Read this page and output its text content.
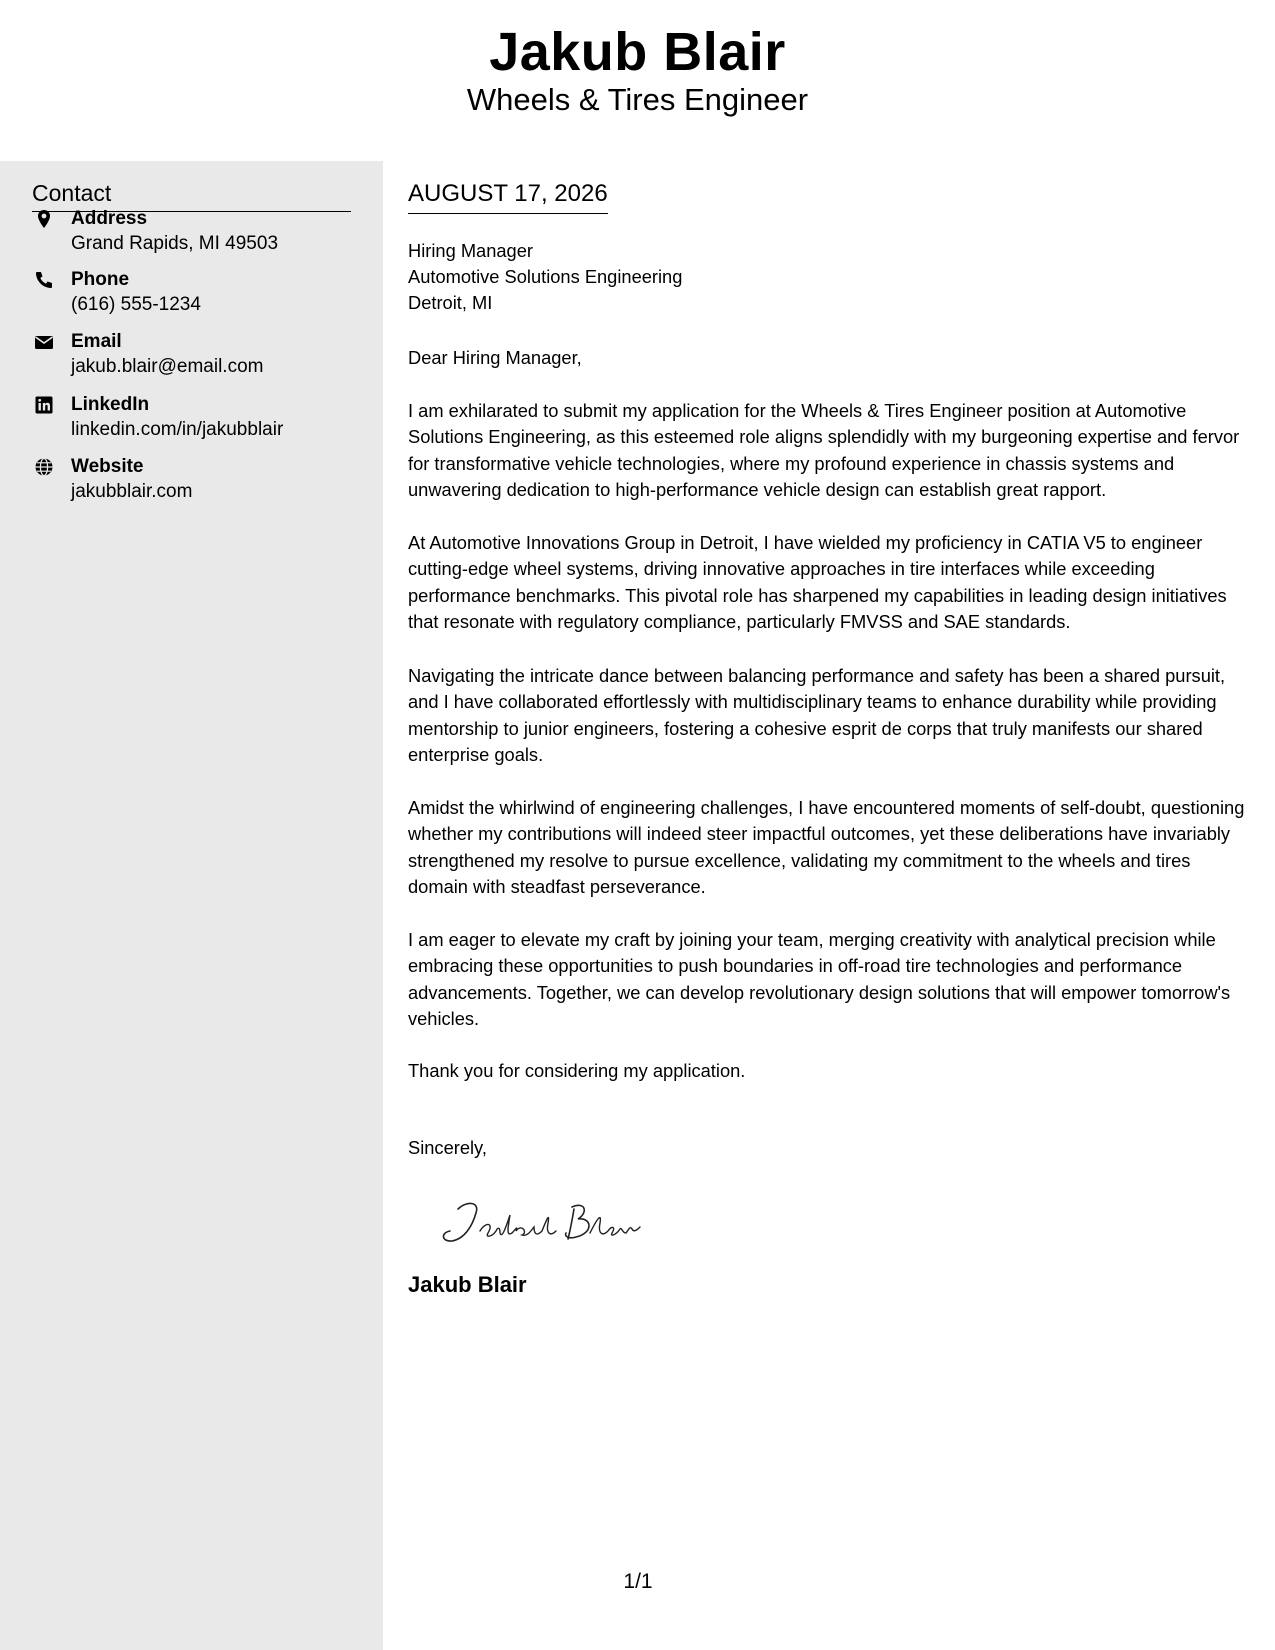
Jakub Blair
Wheels & Tires Engineer
Contact
Address
Grand Rapids, MI 49503
Phone
(616) 555-1234
Email
jakub.blair@email.com
LinkedIn
linkedin.com/in/jakubblair
Website
jakubblair.com
AUGUST 17, 2026
Hiring Manager
Automotive Solutions Engineering
Detroit, MI
Dear Hiring Manager,

I am exhilarated to submit my application for the Wheels & Tires Engineer position at Automotive Solutions Engineering, as this esteemed role aligns splendidly with my burgeoning expertise and fervor for transformative vehicle technologies, where my profound experience in chassis systems and unwavering dedication to high-performance vehicle design can establish great rapport.

At Automotive Innovations Group in Detroit, I have wielded my proficiency in CATIA V5 to engineer cutting-edge wheel systems, driving innovative approaches in tire interfaces while exceeding performance benchmarks. This pivotal role has sharpened my capabilities in leading design initiatives that resonate with regulatory compliance, particularly FMVSS and SAE standards.

Navigating the intricate dance between balancing performance and safety has been a shared pursuit, and I have collaborated effortlessly with multidisciplinary teams to enhance durability while providing mentorship to junior engineers, fostering a cohesive esprit de corps that truly manifests our shared enterprise goals.

Amidst the whirlwind of engineering challenges, I have encountered moments of self-doubt, questioning whether my contributions will indeed steer impactful outcomes, yet these deliberations have invariably strengthened my resolve to pursue excellence, validating my commitment to the wheels and tires domain with steadfast perseverance.

I am eager to elevate my craft by joining your team, merging creativity with analytical precision while embracing these opportunities to push boundaries in off-road tire technologies and performance advancements. Together, we can develop revolutionary design solutions that will empower tomorrow's vehicles.

Thank you for considering my application.

Sincerely,
Jakub Blair
1/1
